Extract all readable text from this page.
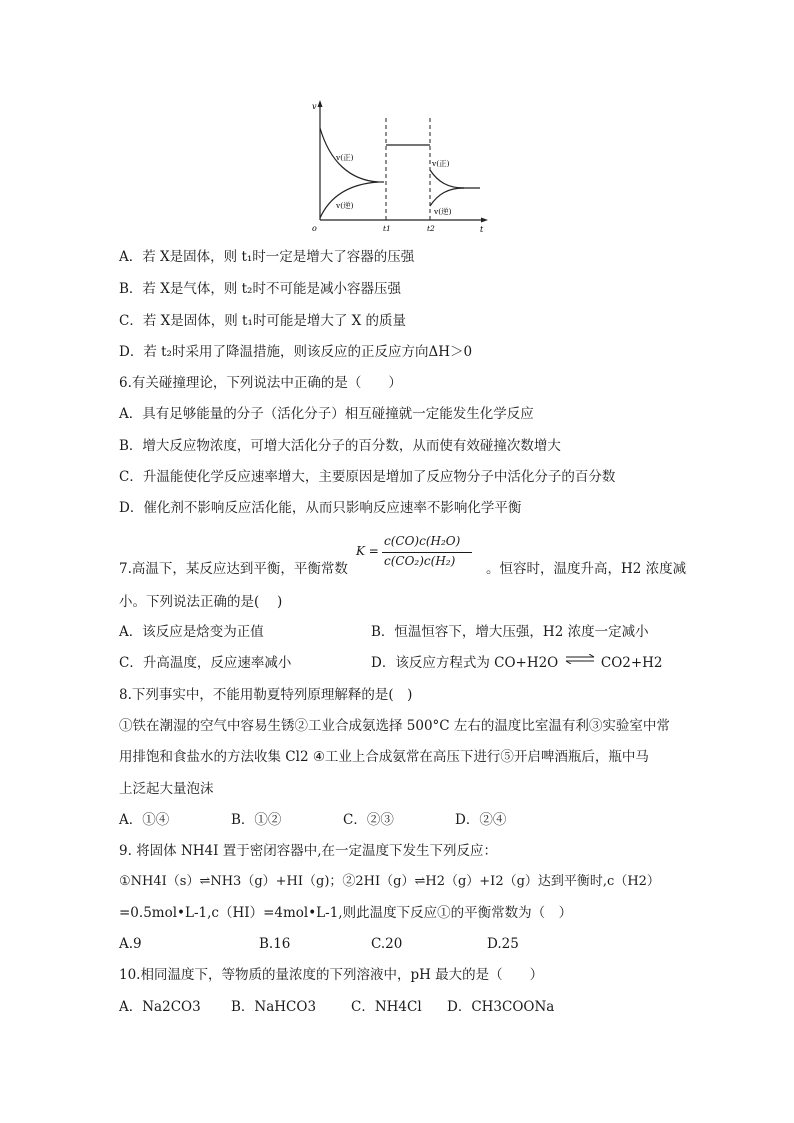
v
t
o
v(正)
v(逆)
t1	t2
v(正)
v(逆)
A．若 X是固体，则 t₁时一定是增大了容器的压强
B．若 X是气体，则 t₂时不可能是减小容器压强
C．若 X是固体，则 t₁时可能是增大了 X 的质量
D．若 t₂时采用了降温措施，则该反应的正反应方向ΔH＞0
6.有关碰撞理论，下列说法中正确的是（　　）
A．具有足够能量的分子（活化分子）相互碰撞就一定能发生化学反应
B．增大反应物浓度，可增大活化分子的百分数，从而使有效碰撞次数增大
C．升温能使化学反应速率增大，主要原因是增加了反应物分子中活化分子的百分数
D．催化剂不影响反应活化能，从而只影响反应速率不影响化学平衡
K =
c(CO)c(H₂O)
c(CO₂)c(H₂)
7.高温下，某反应达到平衡，平衡常数	。恒容时，温度升高，H2 浓度减
小。下列说法正确的是(　 )
A．该反应是焓变为正值	B．恒温恒容下，增大压强，H2 浓度一定减小
C．升高温度，反应速率减小	D．该反应方程式为 CO+H2O ⇌ CO2+H2
8.下列事实中，不能用勒夏特列原理解释的是(　)
①铁在潮湿的空气中容易生锈②工业合成氨选择 500°C 左右的温度比室温有利③实验室中常
用排饱和食盐水的方法收集 Cl2 ④工业上合成氨常在高压下进行⑤开启啤酒瓶后，瓶中马
上泛起大量泡沫
A．①④	B．①②	C．②③	D．②④
9. 将固体 NH4I 置于密闭容器中,在一定温度下发生下列反应：
①NH4I（s）⇌NH3（g）+HI（g)；②2HI（g）⇌H2（g）+I2（g）达到平衡时,c（H2）
=0.5mol•L-1,c（HI）=4mol•L-1,则此温度下反应①的平衡常数为（　）
A.9	B.16	C.20	D.25
10.相同温度下，等物质的量浓度的下列溶液中，pH 最大的是（　　）
A．Na2CO3 B．NaHCO3	C．NH4Cl D．CH3COONa
